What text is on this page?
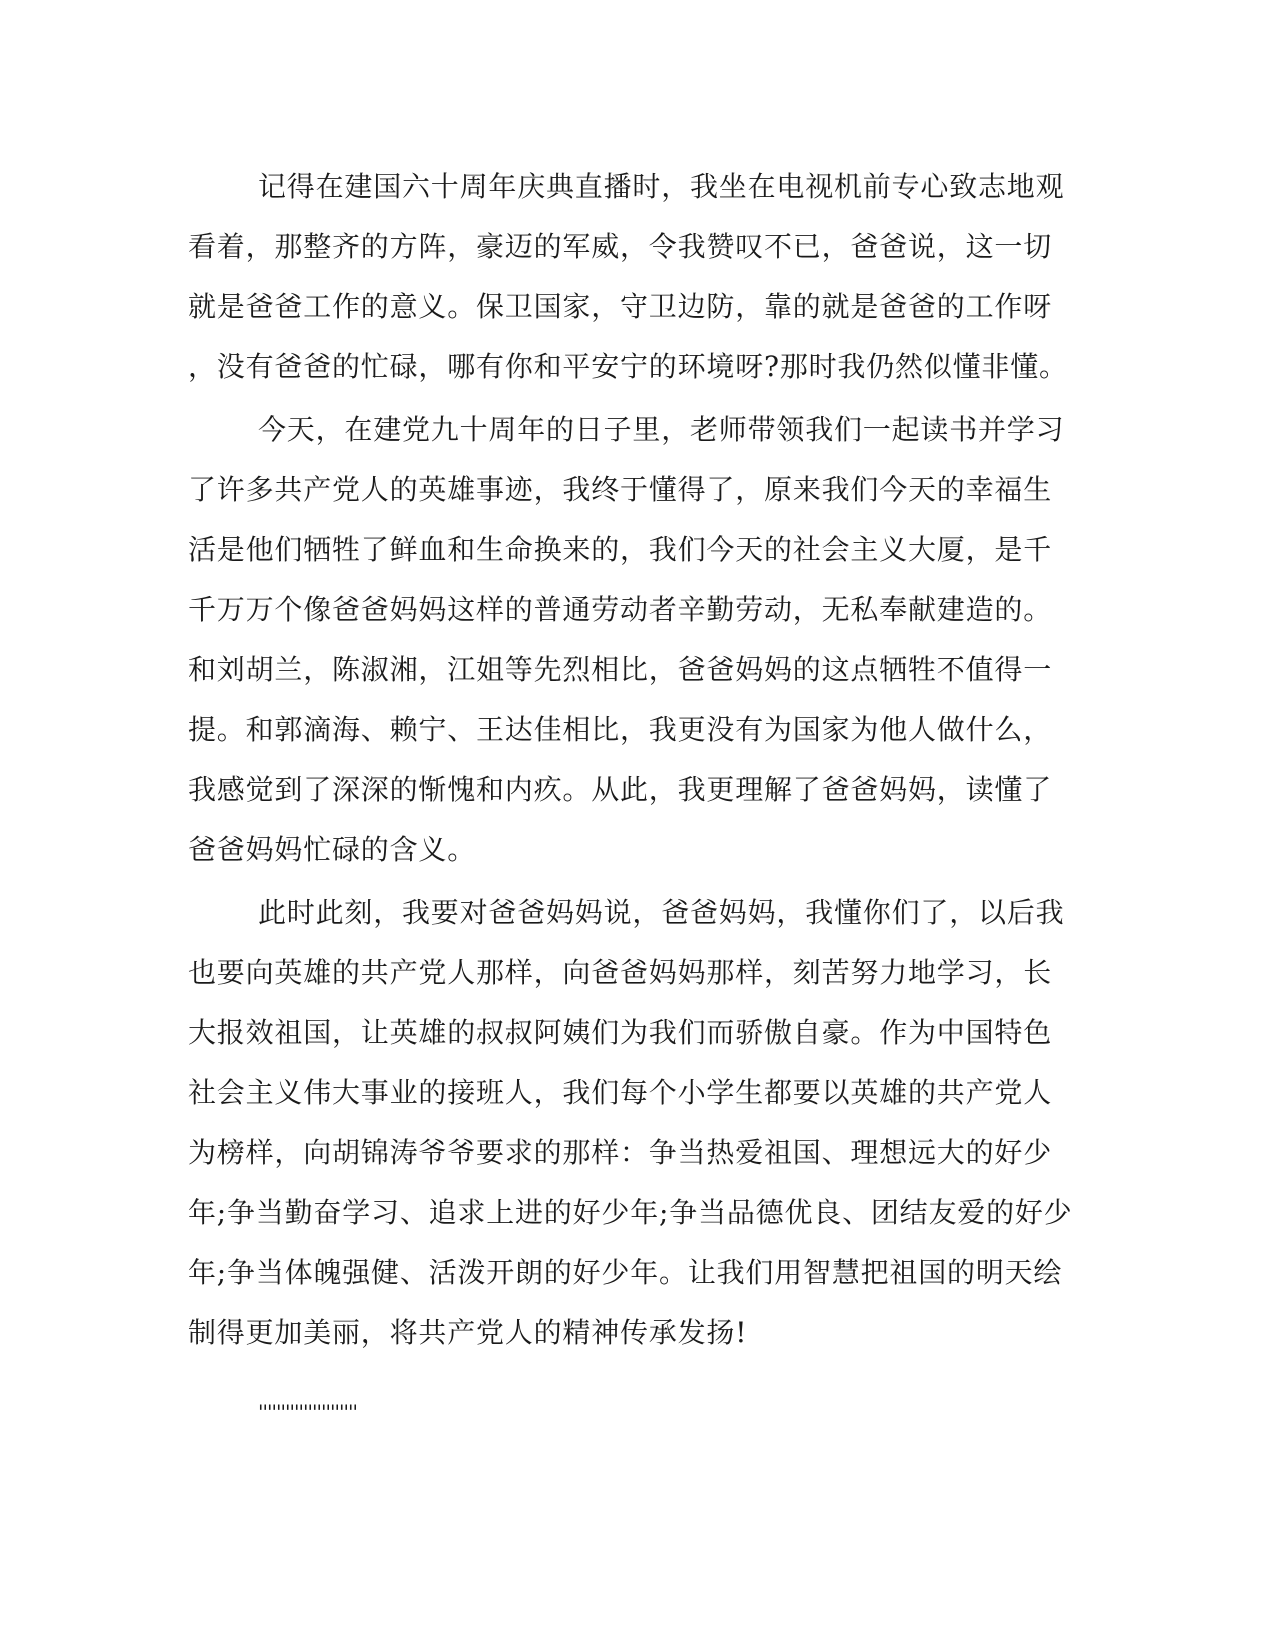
记得在建国六十周年庆典直播时，我坐在电视机前专心致志地观
看着，那整齐的方阵，豪迈的军威，令我赞叹不已，爸爸说，这一切
就是爸爸工作的意义。保卫国家，守卫边防，靠的就是爸爸的工作呀
，没有爸爸的忙碌，哪有你和平安宁的环境呀?那时我仍然似懂非懂。
今天，在建党九十周年的日子里，老师带领我们一起读书并学习
了许多共产党人的英雄事迹，我终于懂得了，原来我们今天的幸福生
活是他们牺牲了鲜血和生命换来的，我们今天的社会主义大厦，是千
千万万个像爸爸妈妈这样的普通劳动者辛勤劳动，无私奉献建造的。
和刘胡兰，陈淑湘，江姐等先烈相比，爸爸妈妈的这点牺牲不值得一
提。和郭滴海、赖宁、王达佳相比，我更没有为国家为他人做什么，
我感觉到了深深的惭愧和内疚。从此，我更理解了爸爸妈妈，读懂了
爸爸妈妈忙碌的含义。
此时此刻，我要对爸爸妈妈说，爸爸妈妈，我懂你们了，以后我
也要向英雄的共产党人那样，向爸爸妈妈那样，刻苦努力地学习，长
大报效祖国，让英雄的叔叔阿姨们为我们而骄傲自豪。作为中国特色
社会主义伟大事业的接班人，我们每个小学生都要以英雄的共产党人
为榜样，向胡锦涛爷爷要求的那样：争当热爱祖国、理想远大的好少
年;争当勤奋学习、追求上进的好少年;争当品德优良、团结友爱的好少
年;争当体魄强健、活泼开朗的好少年。让我们用智慧把祖国的明天绘
制得更加美丽，将共产党人的精神传承发扬!
''''''''''''''''''''''
